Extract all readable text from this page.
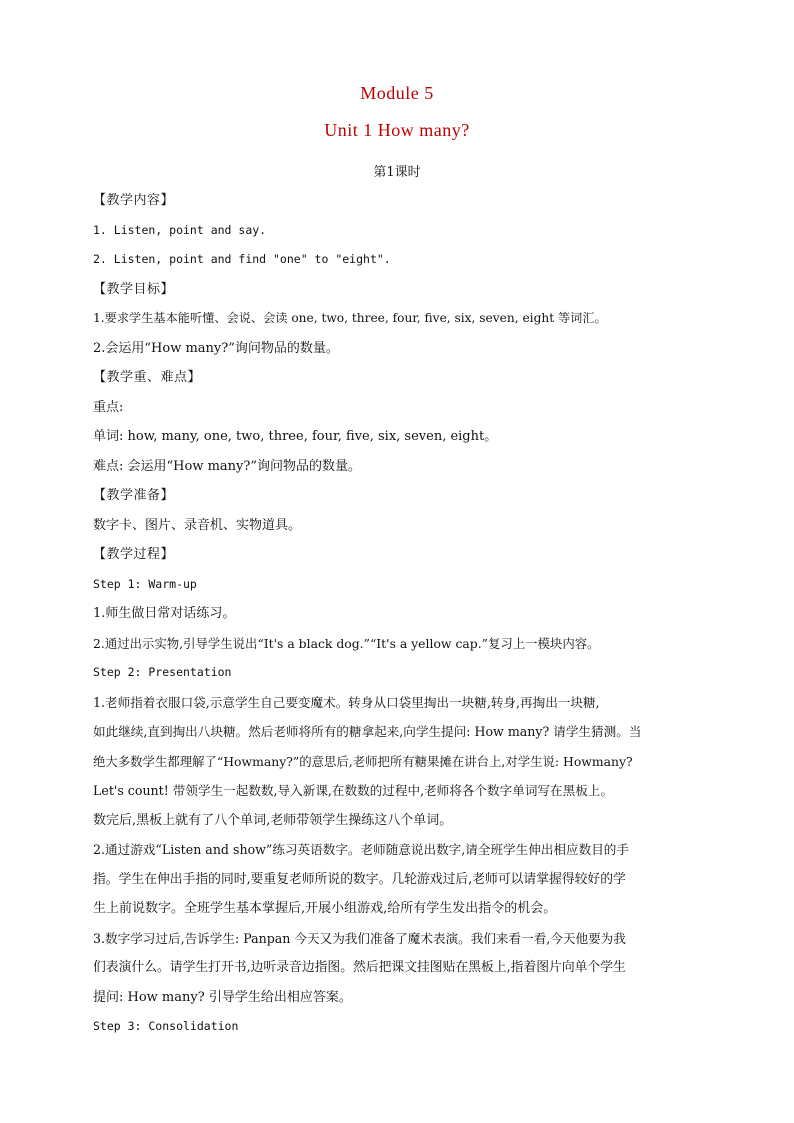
Module 5
Unit 1 How many?
第1课时
【教学内容】
1. Listen, point and say.
2. Listen, point and find "one" to "eight".
【教学目标】
1.要求学生基本能听懂、会说、会读 one, two, three, four, five, six, seven, eight 等词汇。
2.会运用“How many?”询问物品的数量。
【教学重、难点】
重点:
单词: how, many, one, two, three, four, five, six, seven, eight。
难点: 会运用“How many?”询问物品的数量。
【教学准备】
数字卡、图片、录音机、实物道具。
【教学过程】
Step 1: Warm-up
1.师生做日常对话练习。
2.通过出示实物,引导学生说出“It's a black dog.”“It's a yellow cap.”复习上一模块内容。
Step 2: Presentation
1.老师指着衣服口袋,示意学生自己要变魔术。转身从口袋里掏出一块糖,转身,再掏出一块糖,
如此继续,直到掏出八块糖。然后老师将所有的糖拿起来,向学生提问: How many? 请学生猜测。当
绝大多数学生都理解了“Howmany?”的意思后,老师把所有糖果摊在讲台上,对学生说: Howmany?
Let's count! 带领学生一起数数,导入新课,在数数的过程中,老师将各个数字单词写在黑板上。
数完后,黑板上就有了八个单词,老师带领学生操练这八个单词。
2.通过游戏“Listen and show”练习英语数字。老师随意说出数字,请全班学生伸出相应数目的手
指。学生在伸出手指的同时,要重复老师所说的数字。几轮游戏过后,老师可以请掌握得较好的学
生上前说数字。全班学生基本掌握后,开展小组游戏,给所有学生发出指令的机会。
3.数字学习过后,告诉学生: Panpan 今天又为我们准备了魔术表演。我们来看一看,今天他要为我
们表演什么。请学生打开书,边听录音边指图。然后把课文挂图贴在黑板上,指着图片向单个学生
提问: How many? 引导学生给出相应答案。
Step 3: Consolidation
